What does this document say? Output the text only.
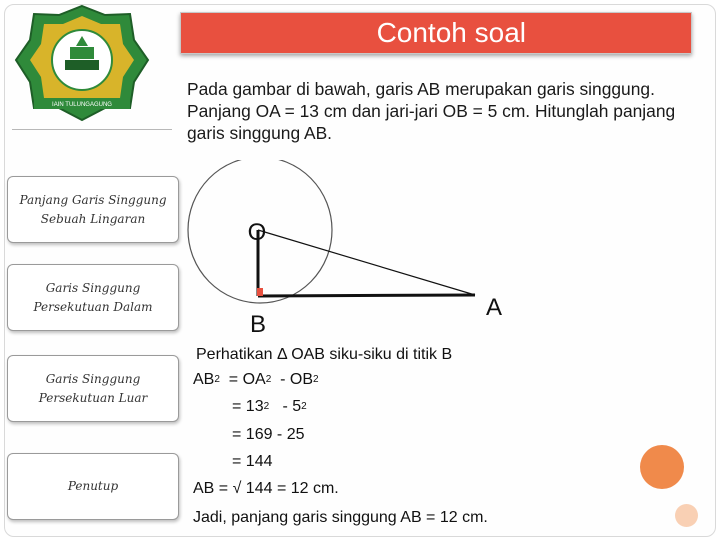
IAIN TULUNGAGUNG
Contoh soal
Pada gambar di bawah, garis AB merupakan garis singgung. Panjang OA = 13 cm dan jari-jari OB = 5 cm. Hitunglah panjang garis singgung AB.
Panjang Garis Singgung Sebuah Lingaran
Garis Singgung Persekutuan Dalam
Garis Singgung Persekutuan Luar
Penutup
O
B
A
Perhatikan Δ OAB siku-siku di titik B
$AB^2 = OA^2 - OB^2$
= $13^2 - 5^2$
= 169 - 25
= 144
AB = √ 144 = 12 cm.
Jadi, panjang garis singgung AB = 12 cm.
